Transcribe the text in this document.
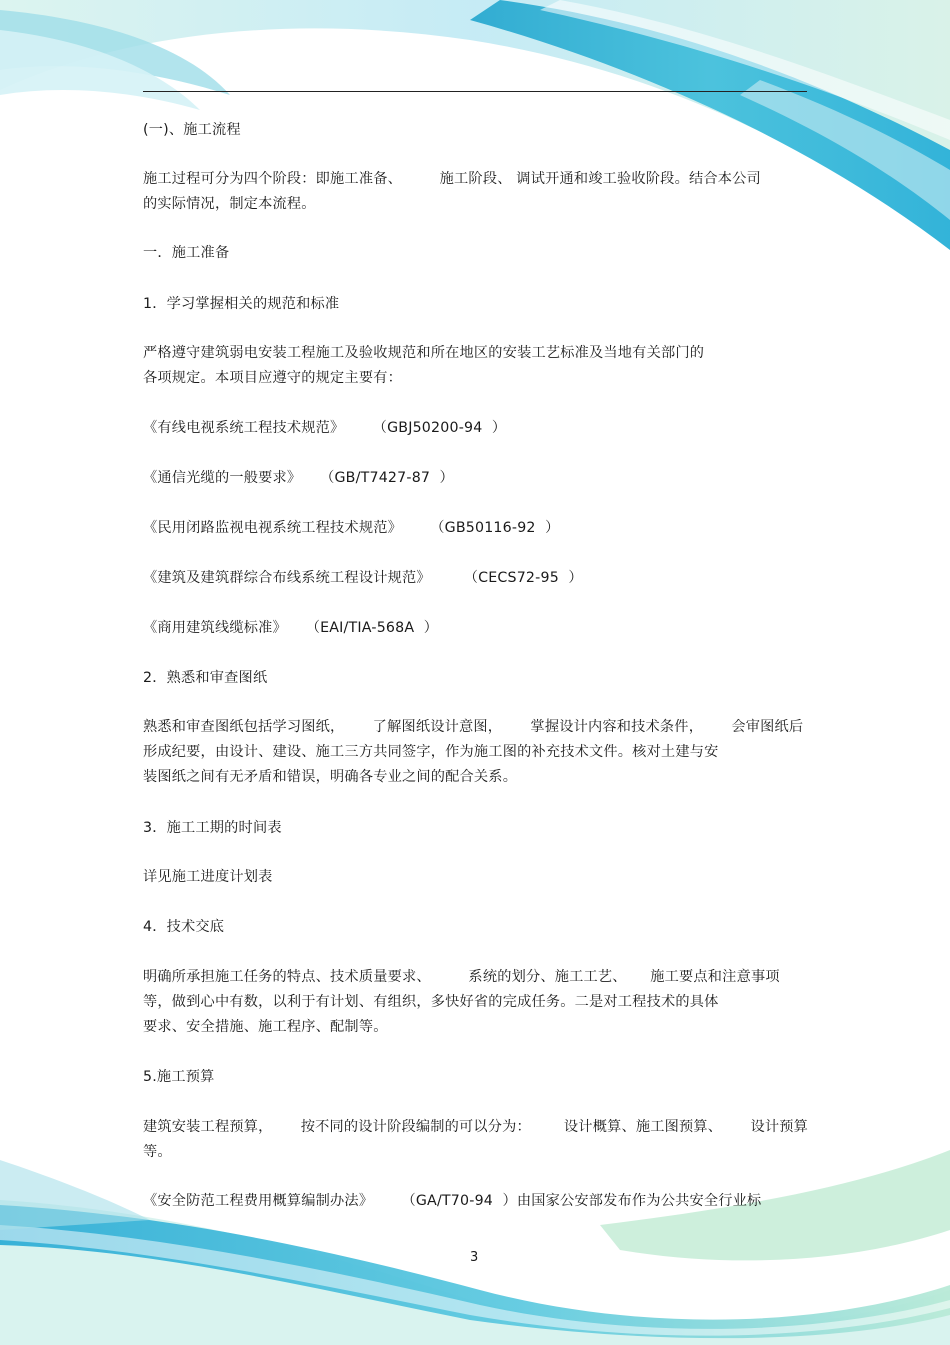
(一)、施工流程
施工过程可分为四个阶段：即施工准备、        施工阶段、 调试开通和竣工验收阶段。结合本公司
的实际情况，制定本流程。
一．施工准备
1．学习掌握相关的规范和标准
严格遵守建筑弱电安装工程施工及验收规范和所在地区的安装工艺标准及当地有关部门的
各项规定。本项目应遵守的规定主要有：
《有线电视系统工程技术规范》      （GBJ50200-94  ）
《通信光缆的一般要求》    （GB/T7427-87  ）
《民用闭路监视电视系统工程技术规范》      （GB50116-92  ）
《建筑及建筑群综合布线系统工程设计规范》       （CECS72-95  ）
《商用建筑线缆标准》    （EAI/TIA-568A  ）
2．熟悉和审查图纸
熟悉和审查图纸包括学习图纸，      了解图纸设计意图，      掌握设计内容和技术条件，      会审图纸后
形成纪要，由设计、建设、施工三方共同签字，作为施工图的补充技术文件。核对土建与安
装图纸之间有无矛盾和错误，明确各专业之间的配合关系。
3．施工工期的时间表
详见施工进度计划表
4．技术交底
明确所承担施工任务的特点、技术质量要求、        系统的划分、施工工艺、     施工要点和注意事项
等，做到心中有数，以利于有计划、有组织，多快好省的完成任务。二是对工程技术的具体
要求、安全措施、施工程序、配制等。
5.施工预算
建筑安装工程预算，      按不同的设计阶段编制的可以分为：       设计概算、施工图预算、      设计预算
等。
《安全防范工程费用概算编制办法》      （GA/T70-94  ）由国家公安部发布作为公共安全行业标
3
